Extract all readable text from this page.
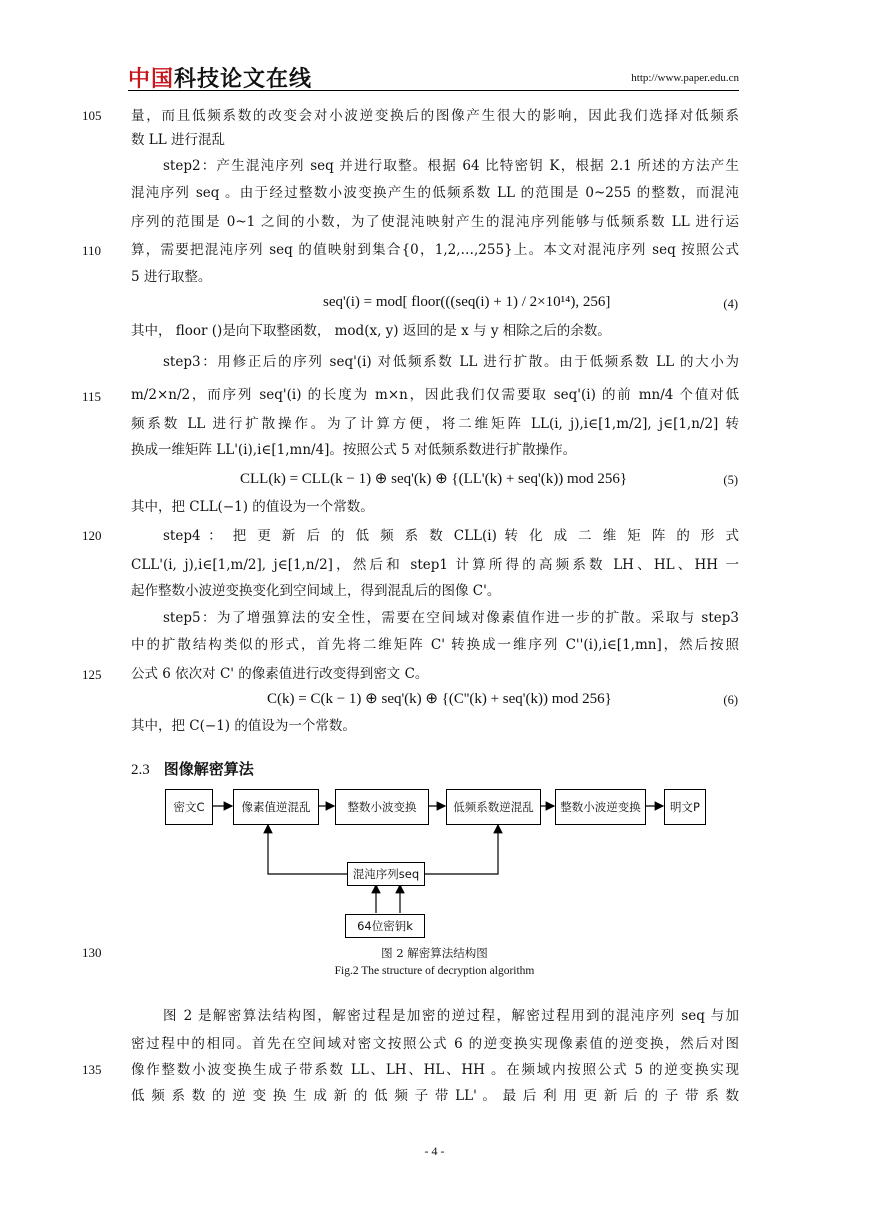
中国科技论文在线	http://www.paper.edu.cn
105
110
115
120
125
130
135
量，而且低频系数的改变会对小波逆变换后的图像产生很大的影响，因此我们选择对低频系
数 LL 进行混乱
step2：产生混沌序列 seq 并进行取整。根据 64 比特密钥 K，根据 2.1 所述的方法产生
混沌序列 seq 。由于经过整数小波变换产生的低频系数 LL 的范围是 0~255 的整数，而混沌
序列的范围是 0~1 之间的小数，为了使混沌映射产生的混沌序列能够与低频系数 LL 进行运
算，需要把混沌序列 seq 的值映射到集合{0，1,2,…,255}上。本文对混沌序列 seq 按照公式
5 进行取整。
seq'(i) = mod[ floor(((seq(i) + 1) / 2×10¹⁴), 256]	(4)
其中， floor ()是向下取整函数， mod(x, y) 返回的是 x 与 y 相除之后的余数。
step3：用修正后的序列 seq'(i) 对低频系数 LL 进行扩散。由于低频系数 LL 的大小为
m/2×n/2，而序列 seq'(i) 的长度为 m×n，因此我们仅需要取 seq'(i) 的前 mn/4 个值对低
频系数 LL 进行扩散操作。为了计算方便，将二维矩阵 LL(i, j),i∈[1,m/2], j∈[1,n/2] 转
换成一维矩阵 LL'(i),i∈[1,mn/4]。按照公式 5 对低频系数进行扩散操作。
CLL(k) = CLL(k − 1) ⊕ seq'(k) ⊕ {(LL'(k) + seq'(k)) mod 256}	(5)
其中，把 CLL(−1) 的值设为一个常数。
step4 ： 把 更 新 后 的 低 频 系 数 CLL(i) 转 化 成 二 维 矩 阵 的 形 式
CLL'(i, j),i∈[1,m/2], j∈[1,n/2]，然后和 step1 计算所得的高频系数 LH、HL、HH 一
起作整数小波逆变换变化到空间域上，得到混乱后的图像 C'。
step5：为了增强算法的安全性，需要在空间域对像素值作进一步的扩散。采取与 step3
中的扩散结构类似的形式，首先将二维矩阵 C' 转换成一维序列 C''(i),i∈[1,mn]，然后按照
公式 6 依次对 C' 的像素值进行改变得到密文 C。
C(k) = C(k − 1) ⊕ seq'(k) ⊕ {(C''(k) + seq'(k)) mod 256}	(6)
其中，把 C(−1) 的值设为一个常数。
2.3 图像解密算法
密文C	像素值逆混乱	整数小波变换	低频系数逆混乱	整数小波逆变换	明文P
混沌序列seq
64位密钥k
图 2 解密算法结构图
Fig.2 The structure of decryption algorithm
图 2 是解密算法结构图，解密过程是加密的逆过程，解密过程用到的混沌序列 seq 与加
密过程中的相同。首先在空间域对密文按照公式 6 的逆变换实现像素值的逆变换，然后对图
像作整数小波变换生成子带系数 LL、LH、HL、HH 。在频域内按照公式 5 的逆变换实现
低 频 系 数 的 逆 变 换 生 成 新 的 低 频 子 带 LL' 。 最 后 利 用 更 新 后 的 子 带 系 数
- 4 -
